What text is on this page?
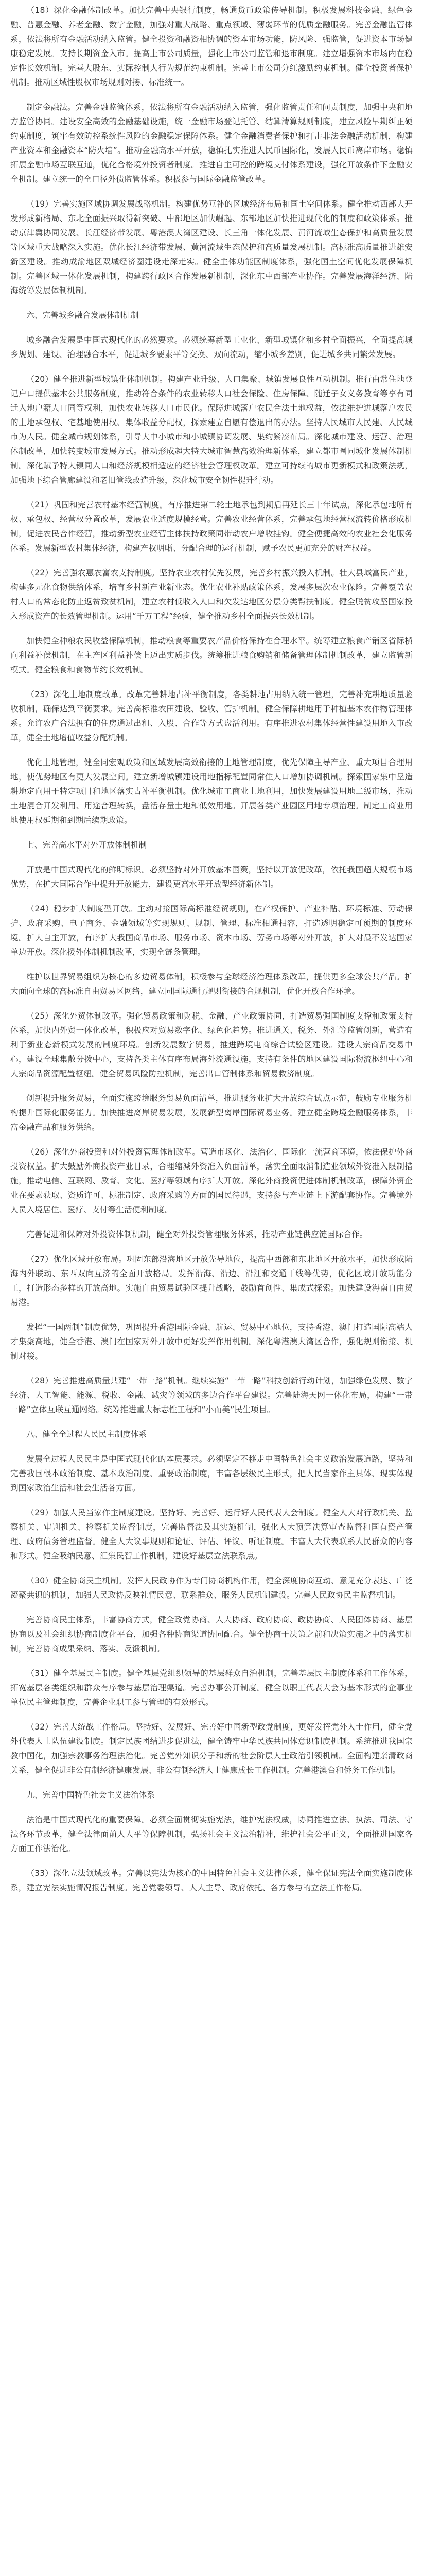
（18）深化金融体制改革。加快完善中央银行制度，畅通货币政策传导机制。积极发展科技金融、绿色金融、普惠金融、养老金融、数字金融，加强对重大战略、重点领域、薄弱环节的优质金融服务。完善金融监管体系，依法将所有金融活动纳入监管。健全投资和融资相协调的资本市场功能，防风险、强监管，促进资本市场健康稳定发展。支持长期资金入市。提高上市公司质量，强化上市公司监管和退市制度。建立增强资本市场内在稳定性长效机制。完善大股东、实际控制人行为规范约束机制。完善上市公司分红激励约束机制。健全投资者保护机制。推动区域性股权市场规则对接、标准统一。

制定金融法。完善金融监管体系，依法将所有金融活动纳入监管，强化监管责任和问责制度，加强中央和地方监管协同。建设安全高效的金融基础设施，统一金融市场登记托管、结算清算规则制度，建立风险早期纠正硬约束制度，筑牢有效防控系统性风险的金融稳定保障体系。健全金融消费者保护和打击非法金融活动机制，构建产业资本和金融资本“防火墙”。推动金融高水平开放，稳慎扎实推进人民币国际化，发展人民币离岸市场。稳慎拓展金融市场互联互通，优化合格境外投资者制度。推进自主可控的跨境支付体系建设，强化开放条件下金融安全机制。建立统一的全口径外债监管体系。积极参与国际金融监管改革。

（19）完善实施区域协调发展战略机制。构建优势互补的区域经济布局和国土空间体系。健全推动西部大开发形成新格局、东北全面振兴取得新突破、中部地区加快崛起、东部地区加快推进现代化的制度和政策体系。推动京津冀协同发展、长江经济带发展、粤港澳大湾区建设、长三角一体化发展、黄河流域生态保护和高质量发展等区域重大战略深入实施。优化长江经济带发展、黄河流域生态保护和高质量发展机制。高标准高质量推进雄安新区建设。推动成渝地区双城经济圈建设走深走实。健全主体功能区制度体系，强化国土空间优化发展保障机制。完善区域一体化发展机制，构建跨行政区合作发展新机制，深化东中西部产业协作。完善发展海洋经济、陆海统筹发展体制机制。

六、完善城乡融合发展体制机制

城乡融合发展是中国式现代化的必然要求。必须统筹新型工业化、新型城镇化和乡村全面振兴，全面提高城乡规划、建设、治理融合水平，促进城乡要素平等交换、双向流动，缩小城乡差别，促进城乡共同繁荣发展。

（20）健全推进新型城镇化体制机制。构建产业升级、人口集聚、城镇发展良性互动机制。推行由常住地登记户口提供基本公共服务制度，推动符合条件的农业转移人口社会保险、住房保障、随迁子女义务教育等享有同迁入地户籍人口同等权利，加快农业转移人口市民化。保障进城落户农民合法土地权益，依法维护进城落户农民的土地承包权、宅基地使用权、集体收益分配权，探索建立自愿有偿退出的办法。坚持人民城市人民建、人民城市为人民。健全城市规划体系，引导大中小城市和小城镇协调发展、集约紧凑布局。深化城市建设、运营、治理体制改革，加快转变城市发展方式。推动形成超大特大城市智慧高效治理新体系，建立都市圈同城化发展体制机制。深化赋予特大镇同人口和经济规模相适应的经济社会管理权改革。建立可持续的城市更新模式和政策法规，加强地下综合管廊建设和老旧管线改造升级，深化城市安全韧性提升行动。

（21）巩固和完善农村基本经营制度。有序推进第二轮土地承包到期后再延长三十年试点，深化承包地所有权、承包权、经营权分置改革，发展农业适度规模经营。完善农业经营体系，完善承包地经营权流转价格形成机制，促进农民合作经营，推动新型农业经营主体扶持政策同带动农户增收挂钩。健全便捷高效的农业社会化服务体系。发展新型农村集体经济，构建产权明晰、分配合理的运行机制，赋予农民更加充分的财产权益。

（22）完善强农惠农富农支持制度。坚持农业农村优先发展，完善乡村振兴投入机制。壮大县域富民产业，构建多元化食物供给体系，培育乡村新产业新业态。优化农业补贴政策体系，发展多层次农业保险。完善覆盖农村人口的常态化防止返贫致贫机制，建立农村低收入人口和欠发达地区分层分类帮扶制度。健全脱贫攻坚国家投入形成资产的长效管理机制。运用“千万工程”经验，健全推动乡村全面振兴长效机制。

加快健全种粮农民收益保障机制，推动粮食等重要农产品价格保持在合理水平。统筹建立粮食产销区省际横向利益补偿机制，在主产区利益补偿上迈出实质步伐。统筹推进粮食购销和储备管理体制机制改革，建立监管新模式。健全粮食和食物节约长效机制。

（23）深化土地制度改革。改革完善耕地占补平衡制度，各类耕地占用纳入统一管理，完善补充耕地质量验收机制，确保达到平衡要求。完善高标准农田建设、验收、管护机制。健全保障耕地用于种植基本农作物管理体系。允许农户合法拥有的住房通过出租、入股、合作等方式盘活利用。有序推进农村集体经营性建设用地入市改革，健全土地增值收益分配机制。

优化土地管理，健全同宏观政策和区域发展高效衔接的土地管理制度，优先保障主导产业、重大项目合理用地，使优势地区有更大发展空间。建立新增城镇建设用地指标配置同常住人口增加协调机制。探索国家集中垦造耕地定向用于特定项目和地区落实占补平衡机制。优化城市工商业土地利用，加快发展建设用地二级市场，推动土地混合开发利用、用途合理转换，盘活存量土地和低效用地。开展各类产业园区用地专项治理。制定工商业用地使用权延期和到期后续期政策。

七、完善高水平对外开放体制机制

开放是中国式现代化的鲜明标识。必须坚持对外开放基本国策，坚持以开放促改革，依托我国超大规模市场优势，在扩大国际合作中提升开放能力，建设更高水平开放型经济新体制。

（24）稳步扩大制度型开放。主动对接国际高标准经贸规则，在产权保护、产业补贴、环境标准、劳动保护、政府采购、电子商务、金融领域等实现规则、规制、管理、标准相通相容，打造透明稳定可预期的制度环境。扩大自主开放，有序扩大我国商品市场、服务市场、资本市场、劳务市场等对外开放，扩大对最不发达国家单边开放。深化援外体制机制改革，实现全链条管理。

维护以世界贸易组织为核心的多边贸易体制，积极参与全球经济治理体系改革，提供更多全球公共产品。扩大面向全球的高标准自由贸易区网络，建立同国际通行规则衔接的合规机制，优化开放合作环境。

（25）深化外贸体制改革。强化贸易政策和财税、金融、产业政策协同，打造贸易强国制度支撑和政策支持体系，加快内外贸一体化改革，积极应对贸易数字化、绿色化趋势。推进通关、税务、外汇等监管创新，营造有利于新业态新模式发展的制度环境。创新发展数字贸易，推进跨境电商综合试验区建设。建设大宗商品交易中心，建设全球集散分拨中心，支持各类主体有序布局海外流通设施，支持有条件的地区建设国际物流枢纽中心和大宗商品资源配置枢纽。健全贸易风险防控机制，完善出口管制体系和贸易救济制度。

创新提升服务贸易，全面实施跨境服务贸易负面清单，推进服务业扩大开放综合试点示范，鼓励专业服务机构提升国际化服务能力。加快推进离岸贸易发展，发展新型离岸国际贸易业务。建立健全跨境金融服务体系，丰富金融产品和服务供给。

（26）深化外商投资和对外投资管理体制改革。营造市场化、法治化、国际化一流营商环境，依法保护外商投资权益。扩大鼓励外商投资产业目录，合理缩减外资准入负面清单，落实全面取消制造业领域外资准入限制措施，推动电信、互联网、教育、文化、医疗等领域有序扩大开放。深化外商投资促进体制机制改革，保障外资企业在要素获取、资质许可、标准制定、政府采购等方面的国民待遇，支持参与产业链上下游配套协作。完善境外人员入境居住、医疗、支付等生活便利制度。

完善促进和保障对外投资体制机制，健全对外投资管理服务体系，推动产业链供应链国际合作。

（27）优化区域开放布局。巩固东部沿海地区开放先导地位，提高中西部和东北地区开放水平，加快形成陆海内外联动、东西双向互济的全面开放格局。发挥沿海、沿边、沿江和交通干线等优势，优化区域开放功能分工，打造形态多样的开放高地。实施自由贸易试验区提升战略，鼓励首创性、集成式探索。加快建设海南自由贸易港。

发挥“一国两制”制度优势，巩固提升香港国际金融、航运、贸易中心地位，支持香港、澳门打造国际高端人才集聚高地，健全香港、澳门在国家对外开放中更好发挥作用机制。深化粤港澳大湾区合作，强化规则衔接、机制对接。

（28）完善推进高质量共建“一带一路”机制。继续实施“一带一路”科技创新行动计划，加强绿色发展、数字经济、人工智能、能源、税收、金融、减灾等领域的多边合作平台建设。完善陆海天网一体化布局，构建“一带一路”立体互联互通网络。统筹推进重大标志性工程和“小而美”民生项目。

八、健全全过程人民民主制度体系

发展全过程人民民主是中国式现代化的本质要求。必须坚定不移走中国特色社会主义政治发展道路，坚持和完善我国根本政治制度、基本政治制度、重要政治制度，丰富各层级民主形式，把人民当家作主具体、现实体现到国家政治生活和社会生活各方面。

（29）加强人民当家作主制度建设。坚持好、完善好、运行好人民代表大会制度。健全人大对行政机关、监察机关、审判机关、检察机关监督制度，完善监督法及其实施机制，强化人大预算决算审查监督和国有资产管理、政府债务管理监督。健全人大议事规则和论证、评估、评议、听证制度。丰富人大代表联系人民群众的内容和形式。健全吸纳民意、汇集民智工作机制，建设好基层立法联系点。

（30）健全协商民主机制。发挥人民政协作为专门协商机构作用，健全深度协商互动、意见充分表达、广泛凝聚共识的机制，加强人民政协反映社情民意、联系群众、服务人民机制建设。完善人民政协民主监督机制。

完善协商民主体系，丰富协商方式，健全政党协商、人大协商、政府协商、政协协商、人民团体协商、基层协商以及社会组织协商制度化平台，加强各种协商渠道协同配合。健全协商于决策之前和决策实施之中的落实机制，完善协商成果采纳、落实、反馈机制。

（31）健全基层民主制度。健全基层党组织领导的基层群众自治机制，完善基层民主制度体系和工作体系，拓宽基层各类组织和群众有序参与基层治理渠道。完善办事公开制度。健全以职工代表大会为基本形式的企事业单位民主管理制度，完善企业职工参与管理的有效形式。

（32）完善大统战工作格局。坚持好、发展好、完善好中国新型政党制度，更好发挥党外人士作用，健全党外代表人士队伍建设制度。制定民族团结进步促进法，健全铸牢中华民族共同体意识制度机制。系统推进我国宗教中国化，加强宗教事务治理法治化。完善党外知识分子和新的社会阶层人士政治引领机制。全面构建亲清政商关系，健全促进非公有制经济健康发展、非公有制经济人士健康成长工作机制。完善港澳台和侨务工作机制。

九、完善中国特色社会主义法治体系

法治是中国式现代化的重要保障。必须全面贯彻实施宪法，维护宪法权威，协同推进立法、执法、司法、守法各环节改革，健全法律面前人人平等保障机制，弘扬社会主义法治精神，维护社会公平正义，全面推进国家各方面工作法治化。

（33）深化立法领域改革。完善以宪法为核心的中国特色社会主义法律体系，健全保证宪法全面实施制度体系，建立宪法实施情况报告制度。完善党委领导、人大主导、政府依托、各方参与的立法工作格局。
